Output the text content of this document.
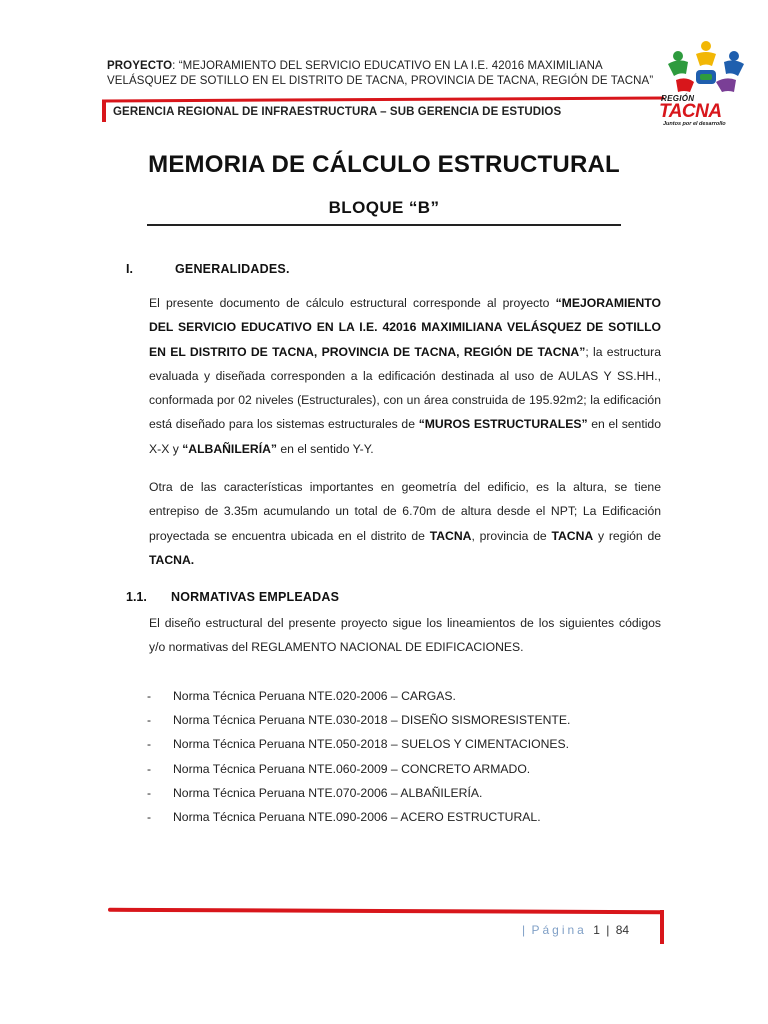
PROYECTO: “MEJORAMIENTO DEL SERVICIO EDUCATIVO EN LA I.E. 42016 MAXIMILIANA VELÁSQUEZ DE SOTILLO EN EL DISTRITO DE TACNA, PROVINCIA DE TACNA, REGIÓN DE TACNA”
GERENCIA REGIONAL DE INFRAESTRUCTURA – SUB GERENCIA DE ESTUDIOS
REGIÓN
TACNA
Juntos por el desarrollo
MEMORIA DE CÁLCULO ESTRUCTURAL
BLOQUE “B”
I.	GENERALIDADES.
El presente documento de cálculo estructural corresponde al proyecto “MEJORAMIENTO DEL SERVICIO EDUCATIVO EN LA I.E. 42016 MAXIMILIANA VELÁSQUEZ DE SOTILLO EN EL DISTRITO DE TACNA, PROVINCIA DE TACNA, REGIÓN DE TACNA”; la estructura evaluada y diseñada corresponden a la edificación destinada al uso de AULAS Y SS.HH., conformada por 02 niveles (Estructurales), con un área construida de 195.92m2; la edificación está diseñado para los sistemas estructurales de “MUROS ESTRUCTURALES” en el sentido X-X y “ALBAÑILERÍA” en el sentido Y-Y.
Otra de las características importantes en geometría del edificio, es la altura, se tiene entrepiso de 3.35m acumulando un total de 6.70m de altura desde el NPT; La Edificación proyectada se encuentra ubicada en el distrito de TACNA, provincia de TACNA y región de TACNA.
1.1. NORMATIVAS EMPLEADAS
El diseño estructural del presente proyecto sigue los lineamientos de los siguientes códigos y/o normativas del REGLAMENTO NACIONAL DE EDIFICACIONES.
-	Norma Técnica Peruana NTE.020-2006 – CARGAS.
-	Norma Técnica Peruana NTE.030-2018 – DISEÑO SISMORESISTENTE.
-	Norma Técnica Peruana NTE.050-2018 – SUELOS Y CIMENTACIONES.
-	Norma Técnica Peruana NTE.060-2009 – CONCRETO ARMADO.
-	Norma Técnica Peruana NTE.070-2006 – ALBAÑILERÍA.
-	Norma Técnica Peruana NTE.090-2006 – ACERO ESTRUCTURAL.
| Página 1 | 84
